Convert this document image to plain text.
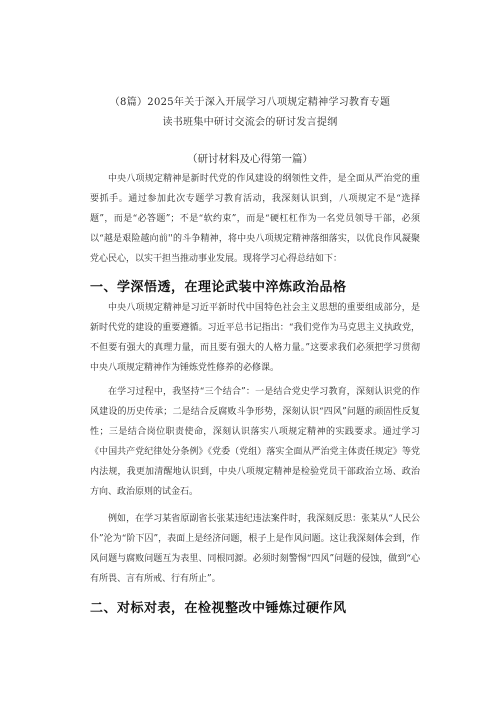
（8篇）2025年关于深入开展学习八项规定精神学习教育专题
读书班集中研讨交流会的研讨发言提纲
（研讨材料及心得第一篇）

中央八项规定精神是新时代党的作风建设的纲领性文件，是全面从严治党的重要抓手。通过参加此次专题学习教育活动，我深刻认识到，八项规定不是“选择题”，而是“必答题”；不是“软约束”，而是“硬杠杠作为一名党员领导干部，必须以“越是艰险越向前''的斗争精神，将中央八项规定精神落细落实，以优良作风凝聚党心民心，以实干担当推动事业发展。现将学习心得总结如下：

一、学深悟透，在理论武装中淬炼政治品格

中央八项规定精神是习近平新时代中国特色社会主义思想的重要组成部分，是新时代党的建设的重要遵循。习近平总书记指出：“我们党作为马克思主义执政党，不但要有强大的真理力量，而且要有强大的人格力量。”这要求我们必须把学习贯彻中央八项规定精神作为锤炼党性修养的必修课。

在学习过程中，我坚持“三个结合”：一是结合党史学习教育，深刻认识党的作风建设的历史传承；二是结合反腐败斗争形势，深刻认识“四风”问题的顽固性反复性；三是结合岗位职责使命，深刻认识落实八项规定精神的实践要求。通过学习《中国共产党纪律处分条例》《党委（党组）落实全面从严治党主体责任规定》等党内法规，我更加清醒地认识到，中央八项规定精神是检验党员干部政治立场、政治方向、政治原则的试金石。

例如，在学习某省原副省长张某违纪违法案件时，我深刻反思：张某从“人民公仆”沦为“阶下囚”，表面上是经济问题，根子上是作风问题。这让我深刻体会到，作风问题与腐败问题互为表里、同根同源。必须时刻警惕“四风”问题的侵蚀，做到“心有所畏、言有所戒、行有所止”。

二、对标对表，在检视整改中锤炼过硬作风
